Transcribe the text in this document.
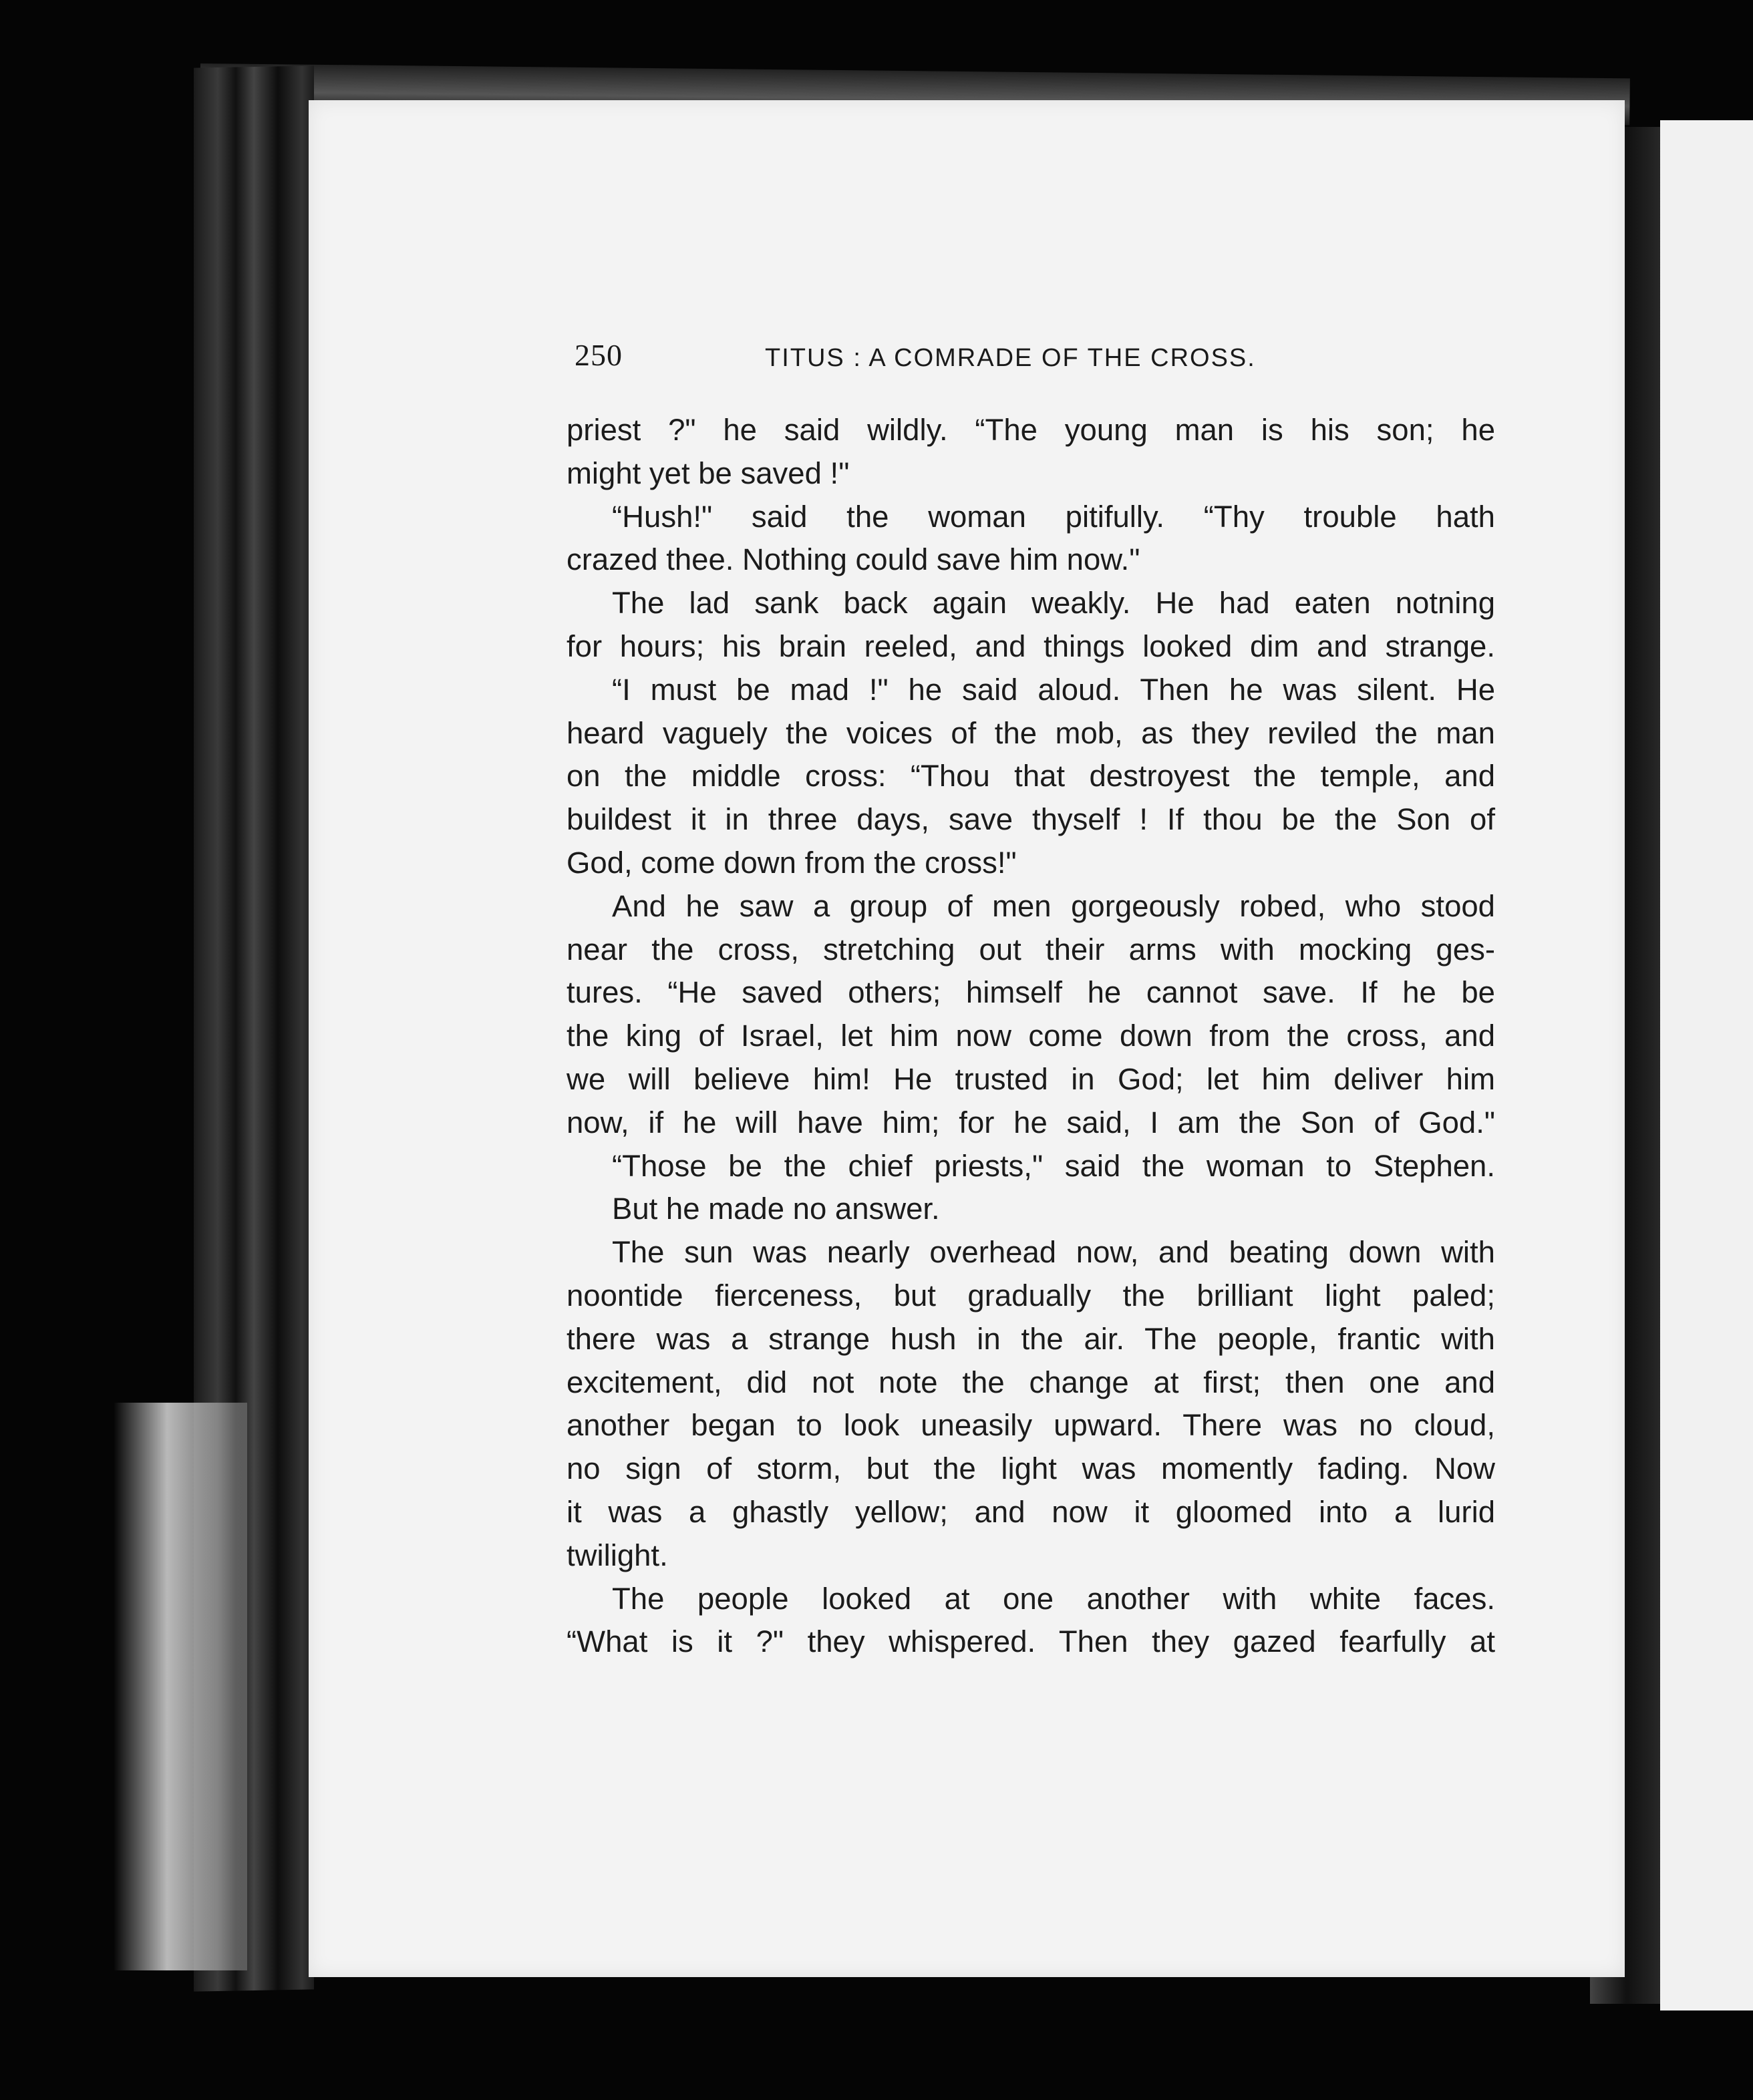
250	TITUS : A COMRADE OF THE CROSS.
priest ?" he said wildly. “The young man is his son; he
might yet be saved !"
“Hush!" said the woman pitifully. “Thy trouble hath
crazed thee. Nothing could save him now."
The lad sank back again weakly. He had eaten notning
for hours; his brain reeled, and things looked dim and strange.
“I must be mad !" he said aloud. Then he was silent. He
heard vaguely the voices of the mob, as they reviled the man
on the middle cross: “Thou that destroyest the temple, and
buildest it in three days, save thyself ! If thou be the Son of
God, come down from the cross!"
And he saw a group of men gorgeously robed, who stood
near the cross, stretching out their arms with mocking ges-
tures. “He saved others; himself he cannot save. If he be
the king of Israel, let him now come down from the cross, and
we will believe him! He trusted in God; let him deliver him
now, if he will have him; for he said, I am the Son of God."
“Those be the chief priests," said the woman to Stephen.
But he made no answer.
The sun was nearly overhead now, and beating down with
noontide fierceness, but gradually the brilliant light paled;
there was a strange hush in the air. The people, frantic with
excitement, did not note the change at first; then one and
another began to look uneasily upward. There was no cloud,
no sign of storm, but the light was momently fading. Now
it was a ghastly yellow; and now it gloomed into a lurid
twilight.
The people looked at one another with white faces.
“What is it ?" they whispered. Then they gazed fearfully at
